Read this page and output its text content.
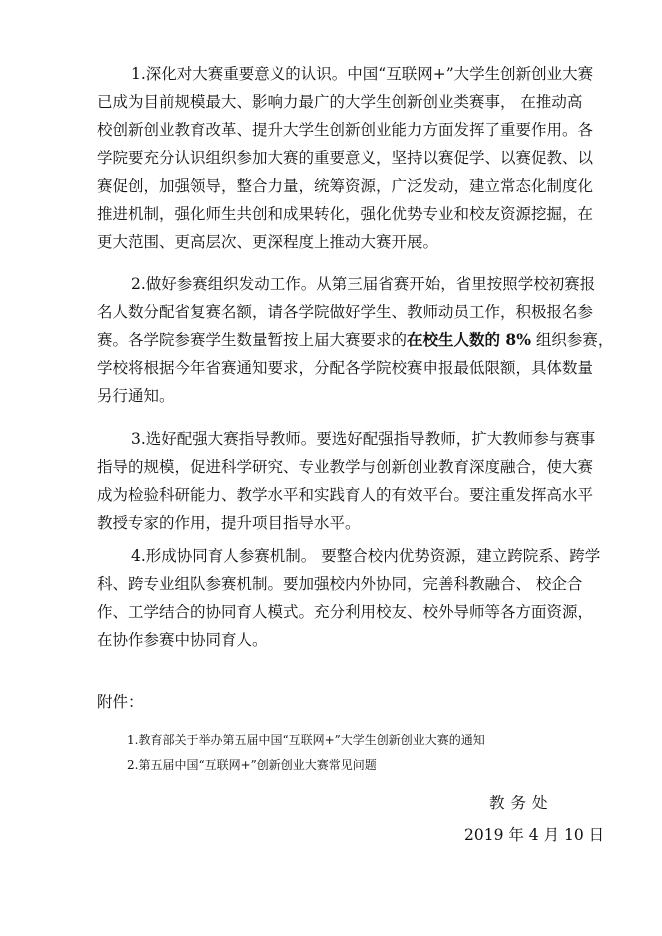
1.深化对大赛重要意义的认识。中国“互联网+”大学生创新创业大赛
已成为目前规模最大、影响力最广的大学生创新创业类赛事， 在推动高
校创新创业教育改革、提升大学生创新创业能力方面发挥了重要作用。各
学院要充分认识组织参加大赛的重要意义，坚持以赛促学、以赛促教、以
赛促创，加强领导，整合力量，统筹资源，广泛发动，建立常态化制度化
推进机制，强化师生共创和成果转化，强化优势专业和校友资源挖掘，在
更大范围、更高层次、更深程度上推动大赛开展。
2.做好参赛组织发动工作。从第三届省赛开始，省里按照学校初赛报
名人数分配省复赛名额，请各学院做好学生、教师动员工作，积极报名参
赛。各学院参赛学生数量暂按上届大赛要求的在校生人数的 8% 组织参赛，
学校将根据今年省赛通知要求，分配各学院校赛申报最低限额，具体数量
另行通知。
3.选好配强大赛指导教师。要选好配强指导教师，扩大教师参与赛事
指导的规模，促进科学研究、专业教学与创新创业教育深度融合，使大赛
成为检验科研能力、教学水平和实践育人的有效平台。要注重发挥高水平
教授专家的作用，提升项目指导水平。
4.形成协同育人参赛机制。 要整合校内优势资源，建立跨院系、跨学
科、跨专业组队参赛机制。要加强校内外协同，完善科教融合、 校企合
作、工学结合的协同育人模式。充分利用校友、校外导师等各方面资源，
在协作参赛中协同育人。

附件：

1.教育部关于举办第五届中国“互联网+”大学生创新创业大赛的通知

2.第五届中国“互联网+”创新创业大赛常见问题

教务处

2019 年 4 月 10 日
